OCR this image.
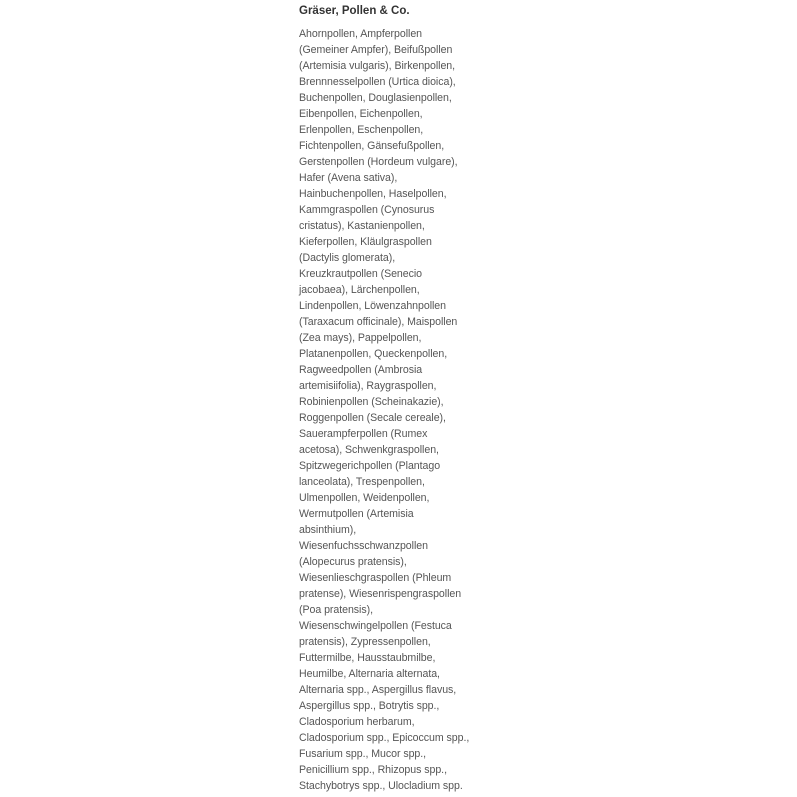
Gräser, Pollen & Co.
Ahornpollen, Ampferpollen
(Gemeiner Ampfer), Beifußpollen
(Artemisia vulgaris), Birkenpollen,
Brennnesselpollen (Urtica dioica),
Buchenpollen, Douglasienpollen,
Eibenpollen, Eichenpollen,
Erlenpollen, Eschenpollen,
Fichtenpollen, Gänsefußpollen,
Gerstenpollen (Hordeum vulgare),
Hafer (Avena sativa),
Hainbuchenpollen, Haselpollen,
Kammgraspollen (Cynosurus
cristatus), Kastanienpollen,
Kieferpollen, Kläulgraspollen
(Dactylis glomerata),
Kreuzkrautpollen (Senecio
jacobaea), Lärchenpollen,
Lindenpollen, Löwenzahnpollen
(Taraxacum officinale), Maispollen
(Zea mays), Pappelpollen,
Platanenpollen, Queckenpollen,
Ragweedpollen (Ambrosia
artemisiifolia), Raygraspollen,
Robinienpollen (Scheinakazie),
Roggenpollen (Secale cereale),
Sauerampferpollen (Rumex
acetosa), Schwenkgraspollen,
Spitzwegerichpollen (Plantago
lanceolata), Trespenpollen,
Ulmenpollen, Weidenpollen,
Wermutpollen (Artemisia
absinthium),
Wiesenfuchsschwanzpollen
(Alopecurus pratensis),
Wiesenlieschgraspollen (Phleum
pratense), Wiesenrispengraspollen
(Poa pratensis),
Wiesenschwingelpollen (Festuca
pratensis), Zypressenpollen,
Futtermilbe, Hausstaubmilbe,
Heumilbe, Alternaria alternata,
Alternaria spp., Aspergillus flavus,
Aspergillus spp., Botrytis spp.,
Cladosporium herbarum,
Cladosporium spp., Epicoccum spp.,
Fusarium spp., Mucor spp.,
Penicillium spp., Rhizopus spp.,
Stachybotrys spp., Ulocladium spp.
